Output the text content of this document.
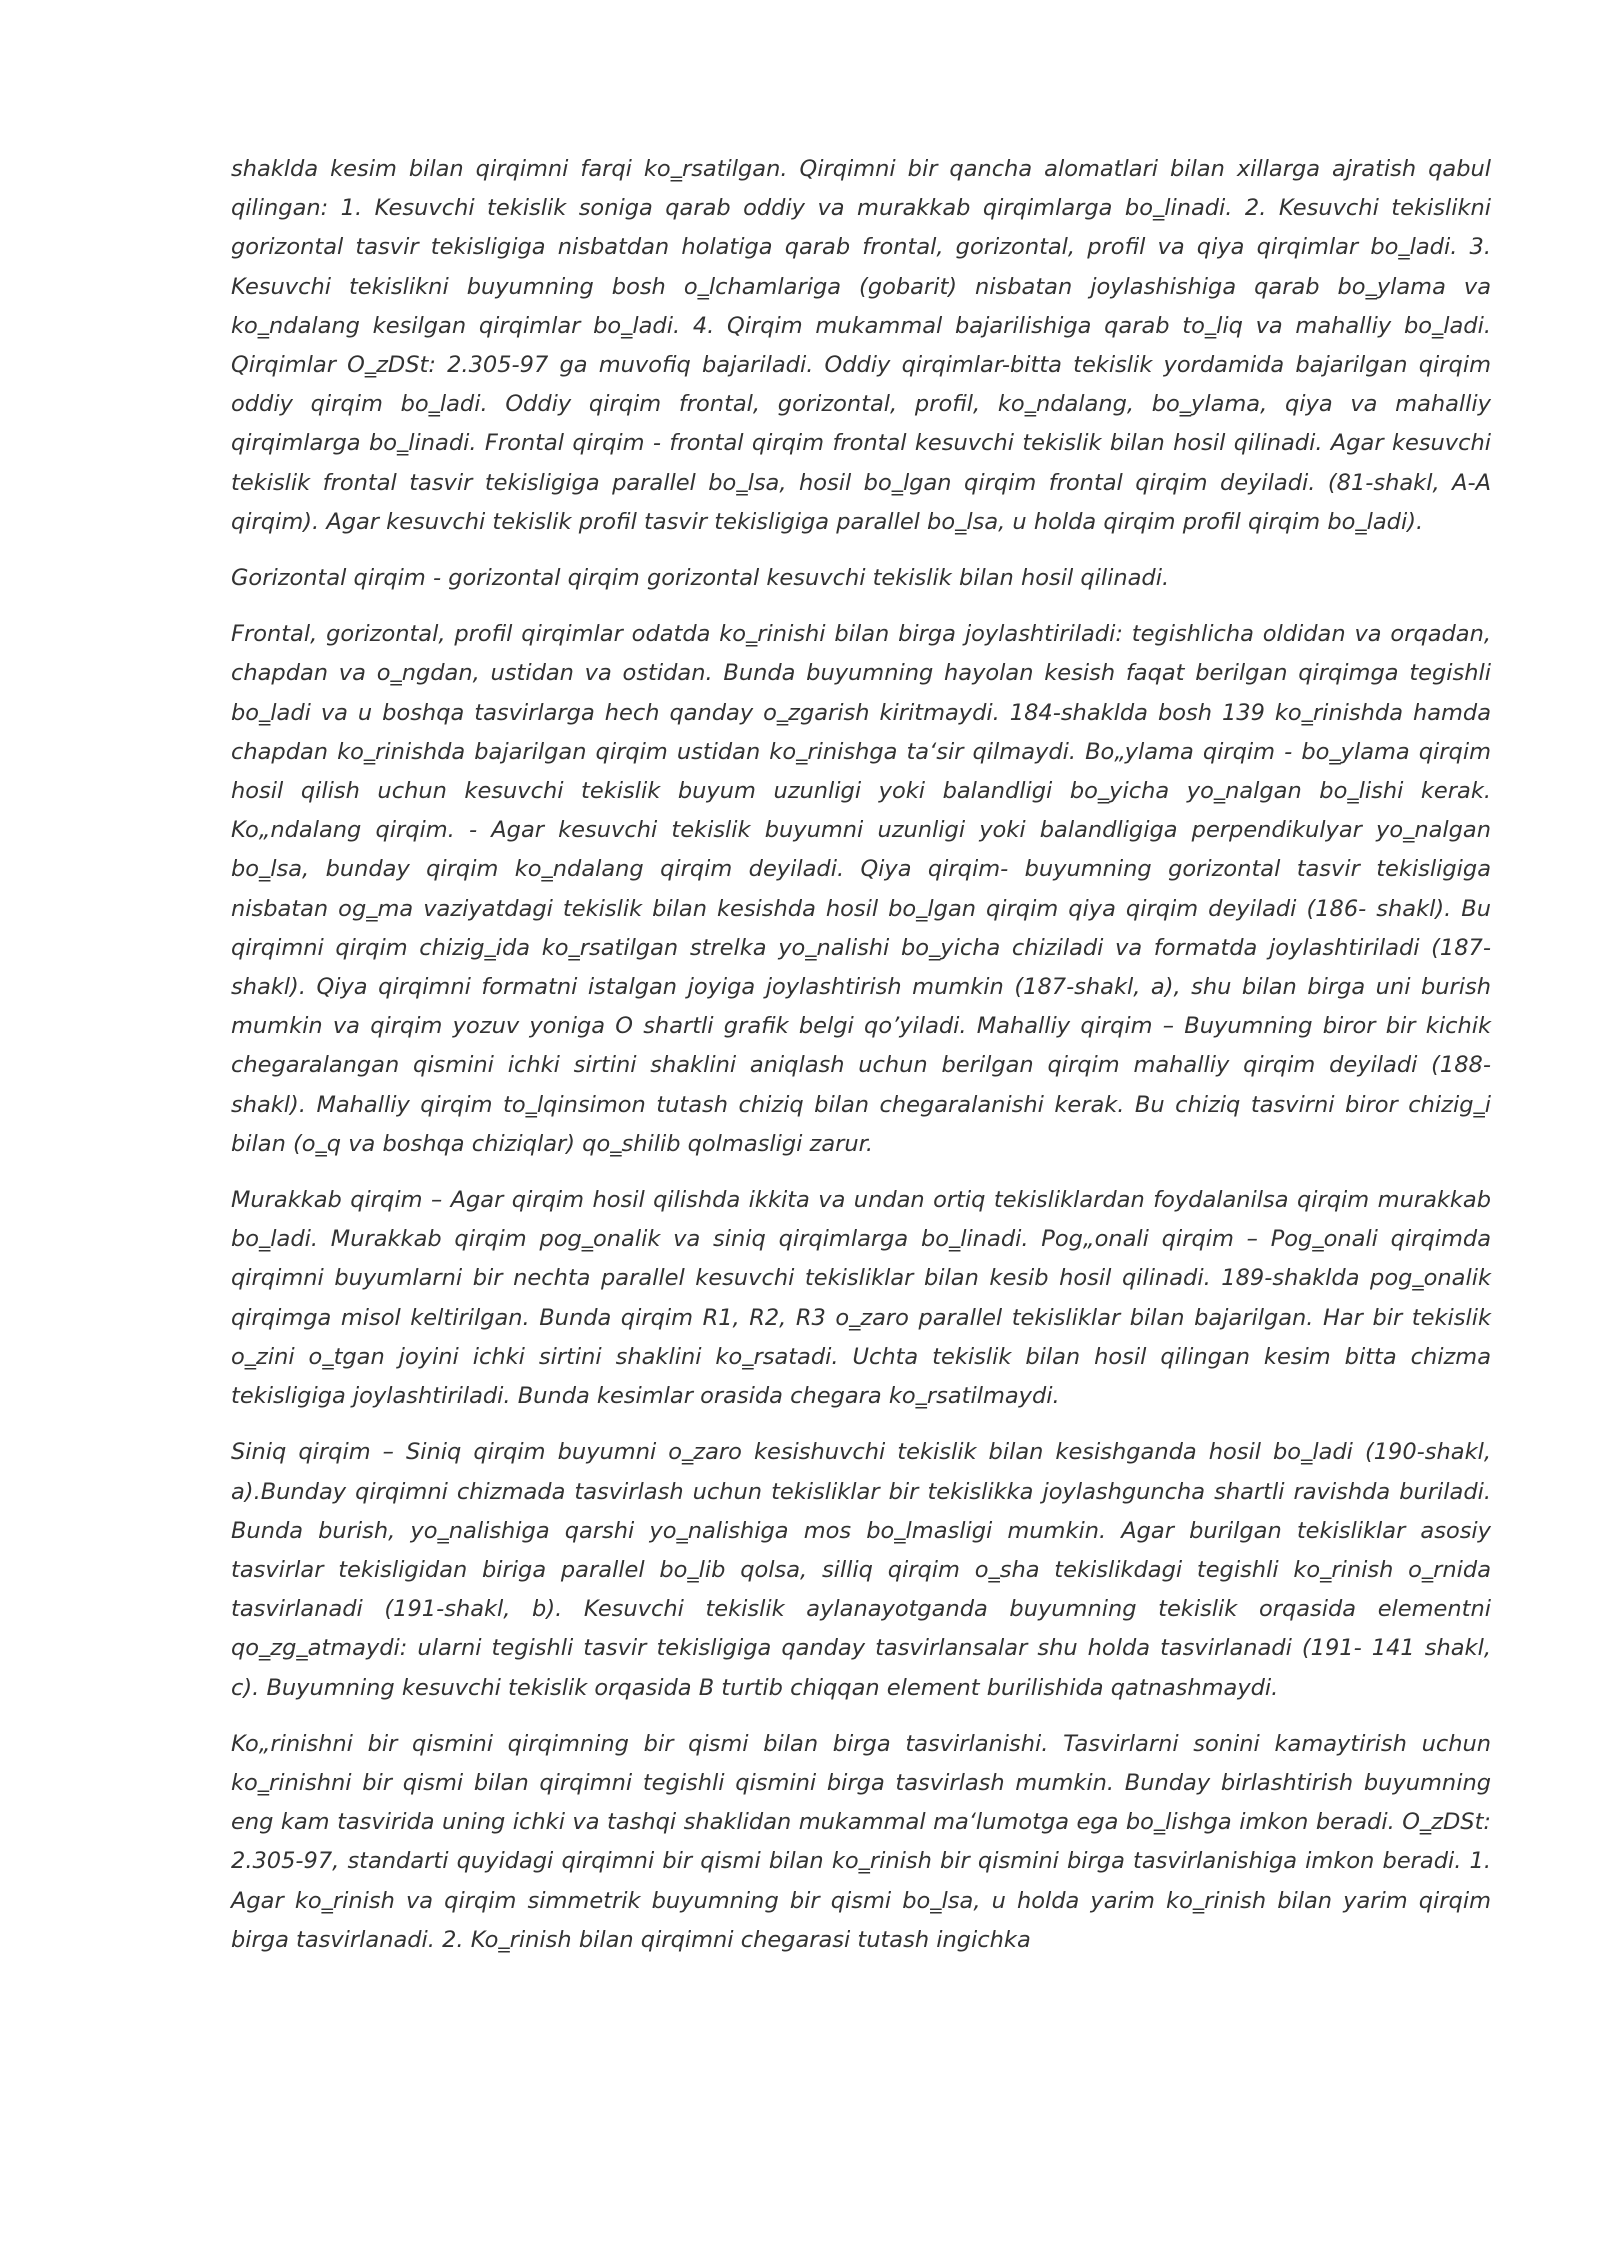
shaklda kesim bilan qirqimni farqi ko‗rsatilgan. Qirqimni bir qancha alomatlari bilan xillarga ajratish qabul qilingan: 1. Kesuvchi tekislik soniga qarab oddiy va murakkab qirqimlarga bo‗linadi. 2. Kesuvchi tekislikni gorizontal tasvir tekisligiga nisbatdan holatiga qarab frontal, gorizontal, profil va qiya qirqimlar bo‗ladi. 3. Kesuvchi tekislikni buyumning bosh o‗lchamlariga (gobarit) nisbatan joylashishiga qarab bo‗ylama va ko‗ndalang kesilgan qirqimlar bo‗ladi. 4. Qirqim mukammal bajarilishiga qarab to‗liq va mahalliy bo‗ladi. Qirqimlar O‗zDSt: 2.305-97 ga muvofiq bajariladi. Oddiy qirqimlar-bitta tekislik yordamida bajarilgan qirqim oddiy qirqim bo‗ladi. Oddiy qirqim frontal, gorizontal, profil, ko‗ndalang, bo‗ylama, qiya va mahalliy qirqimlarga bo‗linadi. Frontal qirqim - frontal qirqim frontal kesuvchi tekislik bilan hosil qilinadi. Agar kesuvchi tekislik frontal tasvir tekisligiga parallel bo‗lsa, hosil bo‗lgan qirqim frontal qirqim deyiladi. (81-shakl, A-A qirqim). Agar kesuvchi tekislik profil tasvir tekisligiga parallel bo‗lsa, u holda qirqim profil qirqim bo‗ladi).

Gorizontal qirqim - gorizontal qirqim gorizontal kesuvchi tekislik bilan hosil qilinadi.

Frontal, gorizontal, profil qirqimlar odatda ko‗rinishi bilan birga joylashtiriladi: tegishlicha oldidan va orqadan, chapdan va o‗ngdan, ustidan va ostidan. Bunda buyumning hayolan kesish faqat berilgan qirqimga tegishli bo‗ladi va u boshqa tasvirlarga hech qanday o‗zgarish kiritmaydi. 184-shaklda bosh 139 ko‗rinishda hamda chapdan ko‗rinishda bajarilgan qirqim ustidan ko‗rinishga ta‘sir qilmaydi. Bo„ylama qirqim - bo‗ylama qirqim hosil qilish uchun kesuvchi tekislik buyum uzunligi yoki balandligi bo‗yicha yo‗nalgan bo‗lishi kerak. Ko„ndalang qirqim. - Agar kesuvchi tekislik buyumni uzunligi yoki balandligiga perpendikulyar yo‗nalgan bo‗lsa, bunday qirqim ko‗ndalang qirqim deyiladi. Qiya qirqim- buyumning gorizontal tasvir tekisligiga nisbatan og‗ma vaziyatdagi tekislik bilan kesishda hosil bo‗lgan qirqim qiya qirqim deyiladi (186- shakl). Bu qirqimni qirqim chizig‗ida ko‗rsatilgan strelka yo‗nalishi bo‗yicha chiziladi va formatda joylashtiriladi (187-shakl). Qiya qirqimni formatni istalgan joyiga joylashtirish mumkin (187-shakl, a), shu bilan birga uni burish mumkin va qirqim yozuv yoniga O shartli grafik belgi qo’yiladi. Mahalliy qirqim – Buyumning biror bir kichik chegaralangan qismini ichki sirtini shaklini aniqlash uchun berilgan qirqim mahalliy qirqim deyiladi (188- shakl). Mahalliy qirqim to‗lqinsimon tutash chiziq bilan chegaralanishi kerak. Bu chiziq tasvirni biror chizig‗i bilan (o‗q va boshqa chiziqlar) qo‗shilib qolmasligi zarur.

Murakkab qirqim – Agar qirqim hosil qilishda ikkita va undan ortiq tekisliklardan foydalanilsa qirqim murakkab bo‗ladi. Murakkab qirqim pog‗onalik va siniq qirqimlarga bo‗linadi. Pog„onali qirqim – Pog‗onali qirqimda qirqimni buyumlarni bir nechta parallel kesuvchi tekisliklar bilan kesib hosil qilinadi. 189-shaklda pog‗onalik qirqimga misol keltirilgan. Bunda qirqim R1, R2, R3 o‗zaro parallel tekisliklar bilan bajarilgan. Har bir tekislik o‗zini o‗tgan joyini ichki sirtini shaklini ko‗rsatadi. Uchta tekislik bilan hosil qilingan kesim bitta chizma tekisligiga joylashtiriladi. Bunda kesimlar orasida chegara ko‗rsatilmaydi.

Siniq qirqim – Siniq qirqim buyumni o‗zaro kesishuvchi tekislik bilan kesishganda hosil bo‗ladi (190-shakl, a).Bunday qirqimni chizmada tasvirlash uchun tekisliklar bir tekislikka joylashguncha shartli ravishda buriladi. Bunda burish, yo‗nalishiga qarshi yo‗nalishiga mos bo‗lmasligi mumkin. Agar burilgan tekisliklar asosiy tasvirlar tekisligidan biriga parallel bo‗lib qolsa, silliq qirqim o‗sha tekislikdagi tegishli ko‗rinish o‗rnida tasvirlanadi (191-shakl, b). Kesuvchi tekislik aylanayotganda buyumning tekislik orqasida elementni qo‗zg‗atmaydi: ularni tegishli tasvir tekisligiga qanday tasvirlansalar shu holda tasvirlanadi (191- 141 shakl, c). Buyumning kesuvchi tekislik orqasida B turtib chiqqan element burilishida qatnashmaydi.

Ko„rinishni bir qismini qirqimning bir qismi bilan birga tasvirlanishi. Tasvirlarni sonini kamaytirish uchun ko‗rinishni bir qismi bilan qirqimni tegishli qismini birga tasvirlash mumkin. Bunday birlashtirish buyumning eng kam tasvirida uning ichki va tashqi shaklidan mukammal ma‘lumotga ega bo‗lishga imkon beradi. O‗zDSt: 2.305-97, standarti quyidagi qirqimni bir qismi bilan ko‗rinish bir qismini birga tasvirlanishiga imkon beradi. 1. Agar ko‗rinish va qirqim simmetrik buyumning bir qismi bo‗lsa, u holda yarim ko‗rinish bilan yarim qirqim birga tasvirlanadi. 2. Ko‗rinish bilan qirqimni chegarasi tutash ingichka
